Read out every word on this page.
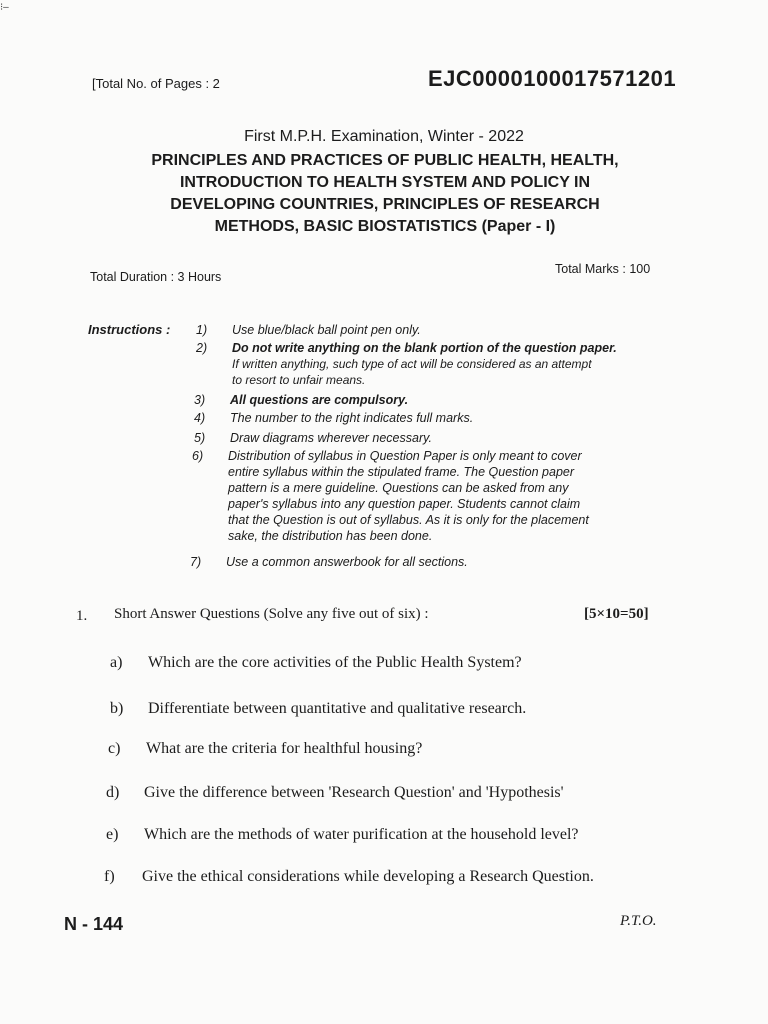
⁝–
[Total No. of Pages : 2	EJC0000100017571201
First M.P.H. Examination, Winter - 2022
PRINCIPLES AND PRACTICES OF PUBLIC HEALTH, HEALTH,
INTRODUCTION TO HEALTH SYSTEM AND POLICY IN
DEVELOPING COUNTRIES, PRINCIPLES OF RESEARCH
METHODS, BASIC BIOSTATISTICS (Paper - I)
Total Duration : 3 Hours
Total Marks : 100
Instructions : 1)	Use blue/black ball point pen only.
2)	Do not write anything on the blank portion of the question paper.
If written anything, such type of act will be considered as an attempt
to resort to unfair means.
3)	All questions are compulsory.
4)	The number to the right indicates full marks.
5)	Draw diagrams wherever necessary.
6)	Distribution of syllabus in Question Paper is only meant to cover
entire syllabus within the stipulated frame. The Question paper
pattern is a mere guideline. Questions can be asked from any
paper's syllabus into any question paper. Students cannot claim
that the Question is out of syllabus. As it is only for the placement
sake, the distribution has been done.
7)	Use a common answerbook for all sections.
1. Short Answer Questions (Solve any five out of six) :	[5×10=50]
a)	Which are the core activities of the Public Health System?
b)	Differentiate between quantitative and qualitative research.
c)	What are the criteria for healthful housing?
d)	Give the difference between 'Research Question' and 'Hypothesis'
e)	Which are the methods of water purification at the household level?
f)	Give the ethical considerations while developing a Research Question.
N - 144	P.T.O.
